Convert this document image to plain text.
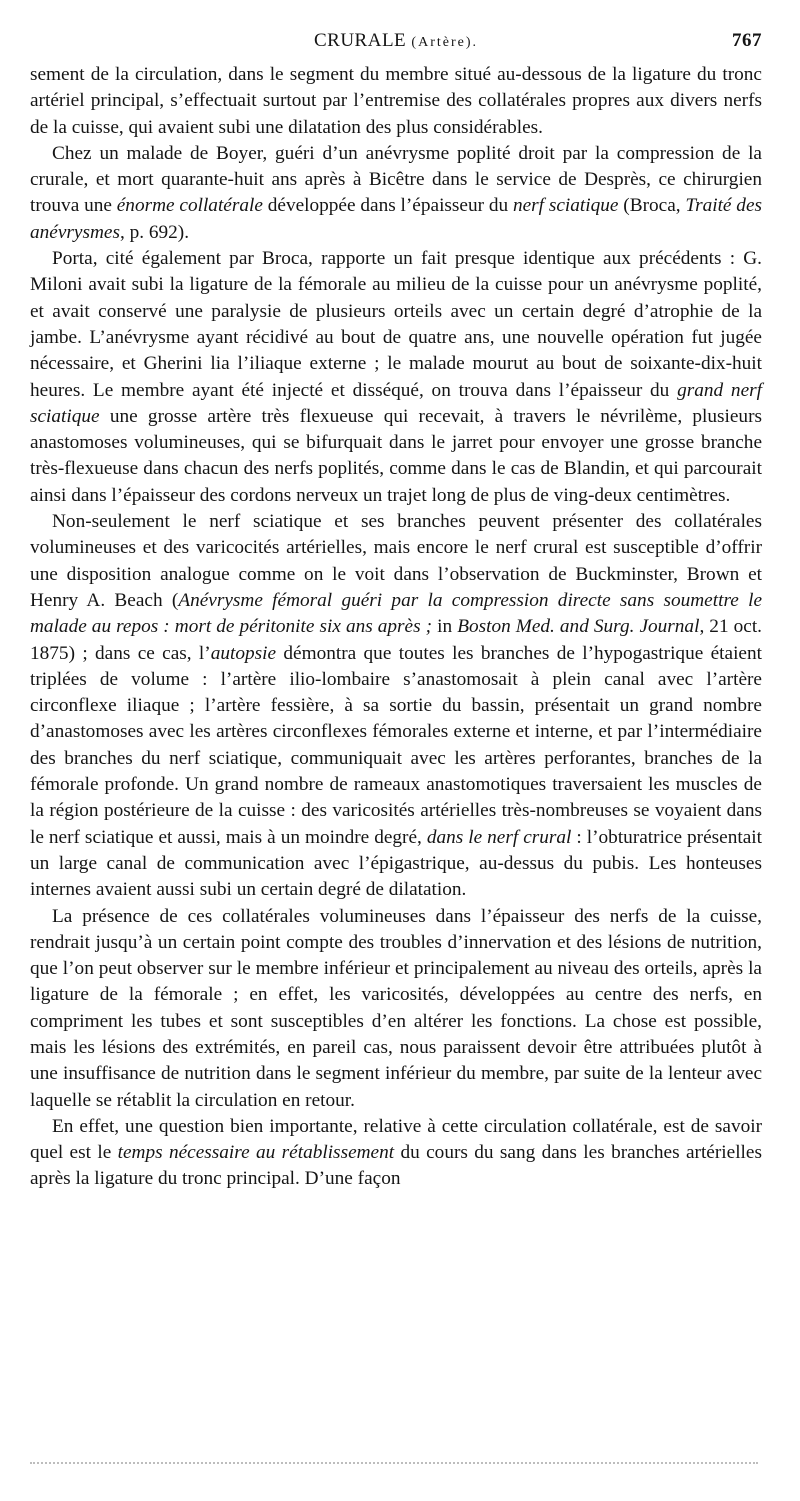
CRURALE (Artère).	767

sement de la circulation, dans le segment du membre situé au-dessous de la ligature du tronc artériel principal, s’effectuait surtout par l’entremise des collatérales propres aux divers nerfs de la cuisse, qui avaient subi une dilatation des plus considérables.

Chez un malade de Boyer, guéri d’un anévrysme poplité droit par la compression de la crurale, et mort quarante-huit ans après à Bicêtre dans le service de Desprès, ce chirurgien trouva une énorme collatérale développée dans l’épaisseur du nerf sciatique (Broca, Traité des anévrysmes, p. 692).

Porta, cité également par Broca, rapporte un fait presque identique aux précédents : G. Miloni avait subi la ligature de la fémorale au milieu de la cuisse pour un anévrysme poplité, et avait conservé une paralysie de plusieurs orteils avec un certain degré d’atrophie de la jambe. L’anévrysme ayant récidivé au bout de quatre ans, une nouvelle opération fut jugée nécessaire, et Gherini lia l’iliaque externe ; le malade mourut au bout de soixante-dix-huit heures. Le membre ayant été injecté et disséqué, on trouva dans l’épaisseur du grand nerf sciatique une grosse artère très flexueuse qui recevait, à travers le névrilème, plusieurs anastomoses volumineuses, qui se bifurquait dans le jarret pour envoyer une grosse branche très-flexueuse dans chacun des nerfs poplités, comme dans le cas de Blandin, et qui parcourait ainsi dans l’épaisseur des cordons nerveux un trajet long de plus de ving-deux centimètres.

Non-seulement le nerf sciatique et ses branches peuvent présenter des collatérales volumineuses et des varicocités artérielles, mais encore le nerf crural est susceptible d’offrir une disposition analogue comme on le voit dans l’observation de Buckminster, Brown et Henry A. Beach (Anévrysme fémoral guéri par la compression directe sans soumettre le malade au repos : mort de péritonite six ans après ; in Boston Med. and Surg. Journal, 21 oct. 1875) ; dans ce cas, l’autopsie démontra que toutes les branches de l’hypogastrique étaient triplées de volume : l’artère ilio-lombaire s’anastomosait à plein canal avec l’artère circonflexe iliaque ; l’artère fessière, à sa sortie du bassin, présentait un grand nombre d’anastomoses avec les artères circonflexes fémorales externe et interne, et par l’intermédiaire des branches du nerf sciatique, communiquait avec les artères perforantes, branches de la fémorale profonde. Un grand nombre de rameaux anastomotiques traversaient les muscles de la région postérieure de la cuisse : des varicosités artérielles très-nombreuses se voyaient dans le nerf sciatique et aussi, mais à un moindre degré, dans le nerf crural : l’obturatrice présentait un large canal de communication avec l’épigastrique, au-dessus du pubis. Les honteuses internes avaient aussi subi un certain degré de dilatation.

La présence de ces collatérales volumineuses dans l’épaisseur des nerfs de la cuisse, rendrait jusqu’à un certain point compte des troubles d’innervation et des lésions de nutrition, que l’on peut observer sur le membre inférieur et principalement au niveau des orteils, après la ligature de la fémorale ; en effet, les varicosités, développées au centre des nerfs, en compriment les tubes et sont susceptibles d’en altérer les fonctions. La chose est possible, mais les lésions des extrémités, en pareil cas, nous paraissent devoir être attribuées plutôt à une insuffisance de nutrition dans le segment inférieur du membre, par suite de la lenteur avec laquelle se rétablit la circulation en retour.

En effet, une question bien importante, relative à cette circulation collatérale, est de savoir quel est le temps nécessaire au rétablissement du cours du sang dans les branches artérielles après la ligature du tronc principal. D’une façon
